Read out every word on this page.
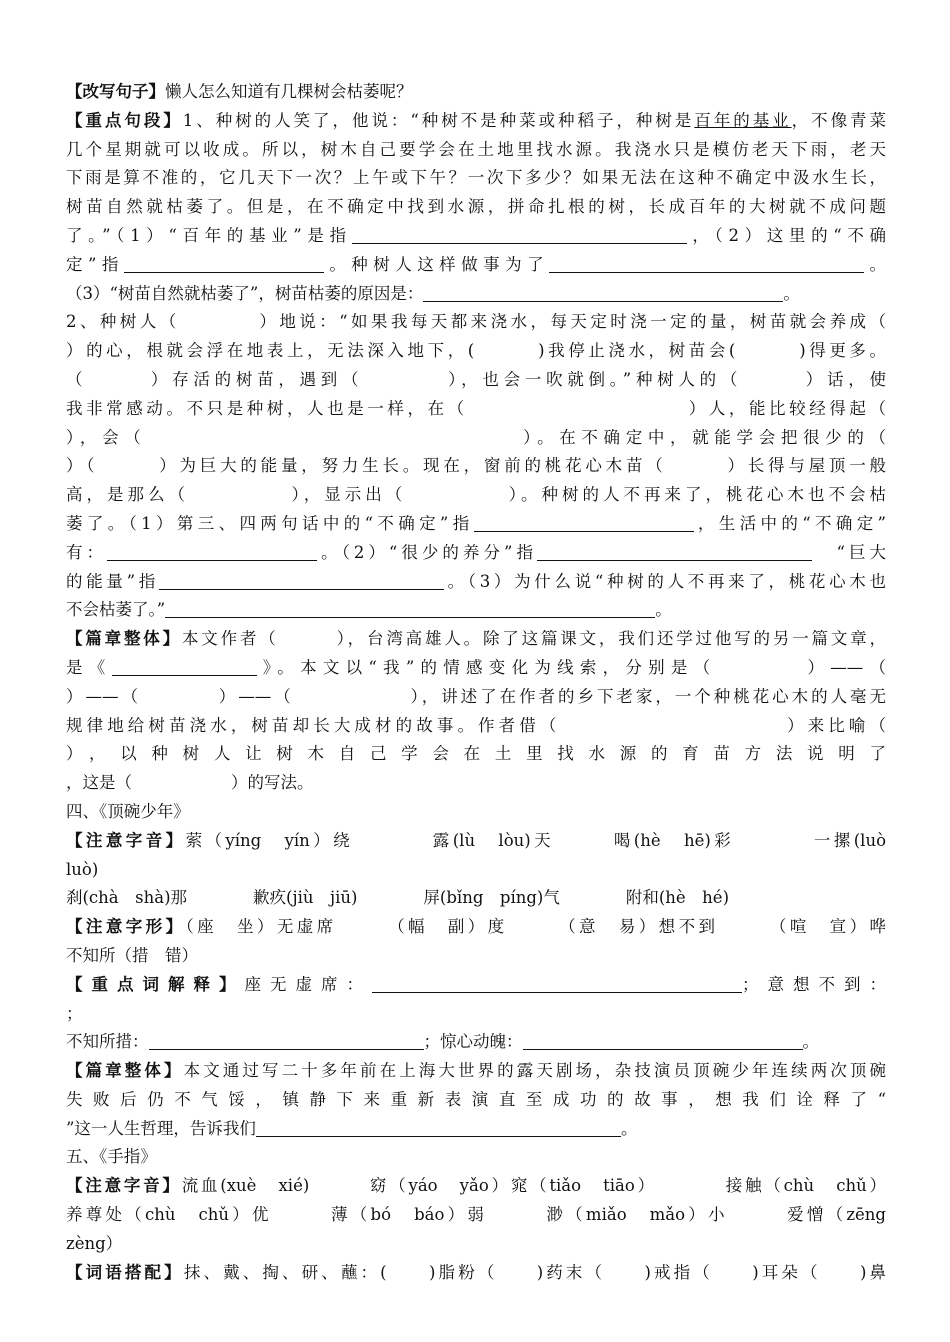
【改写句子】懒人怎么知道有几棵树会枯萎呢？
【重点句段】1、种树的人笑了，他说：“种树不是种菜或种稻子，种树是百年的基业，不像青菜
几个星期就可以收成。所以，树木自己要学会在土地里找水源。我浇水只是模仿老天下雨，老天
下雨是算不准的，它几天下一次？上午或下午？一次下多少？如果无法在这种不确定中汲水生长，
树苗自然就枯萎了。但是，在不确定中找到水源，拼命扎根的树，长成百年的大树就不成问题
了。”（1）“百年的基业”是指	，（2）这里的“不确
定”指	。种树人这样做事为了	。
（3）“树苗自然就枯萎了”，树苗枯萎的原因是：	。
2、种树人（　　　　）地说：“如果我每天都来浇水，每天定时浇一定的量，树苗就会养成（
）的心，根就会浮在地表上，无法深入地下，(　　　)我停止浇水，树苗会(　　　)得更多。
（　　　）存活的树苗，遇到（　　　　），也会一吹就倒。”种树人的（　　　）话，使
我非常感动。不只是种树，人也是一样，在（　　　　　　　　　　　）人，能比较经得起（
），会（　　　　　　　　　　　　　　　　　）。在不确定中，就能学会把很少的（
）（　　　）为巨大的能量，努力生长。现在，窗前的桃花心木苗（　　　）长得与屋顶一般
高，是那么（　　　　　），显示出（　　　　　）。种树的人不再来了，桃花心木也不会枯
萎了。（1）第三、四两句话中的“不确定”指	，生活中的“不确定”
有：	。（2）“很少的养分”指	　“巨大
的能量”指	。（3）为什么说“种树的人不再来了，桃花心木也
不会枯萎了。”	。
【篇章整体】本文作者（　　　），台湾高雄人。除了这篇课文，我们还学过他写的另一篇文章，
是《	》。本文以“我”的情感变化为线索，分别是（　　　　）——（
）——（　　　　）——（　　　　　　），讲述了在作者的乡下老家，一个种桃花心木的人毫无
规律地给树苗浇水，树苗却长大成材的故事。作者借（　　　　　　　　　　　）来比喻（
），以种树人让树木自己学会在土里找水源的育苗方法说明了
，这是（　　　　　　）的写法。
四、《顶碗少年》
【注意字音】萦（yíng　yín）绕　　　　露(lù　lòu)天　　　喝(hè　hē)彩　　　　一摞(luò
luò)
刹(chà　shà)那　　　　歉疚(jiù　jiū)　　　　屏(bǐng　píng)气　　　　附和(hè　hé)
【注意字形】（座　坐）无虚席　　　（幅　副）度　　　（意　易）想不到　　　（喧　宣）哗
不知所（措　错）
【重点词解释】座无虚席：	；意想不到：
；
不知所措：	；惊心动魄：	。
【篇章整体】本文通过写二十多年前在上海大世界的露天剧场，杂技演员顶碗少年连续两次顶碗
失败后仍不气馁，镇静下来重新表演直至成功的故事，想我们诠释了“
”这一人生哲理，告诉我们	。
五、《手指》
【注意字音】流血(xuè　xié)　　　窈（yáo　yǎo）窕（tiǎo　tiāo）　　　　接触（chù　chǔ）
养尊处（chù　chǔ）优　　　薄（bó　báo）弱　　　渺（miǎo　mǎo）小　　　爱憎（zēng
zèng）
【词语搭配】抹、戴、掏、研、蘸：(　　)脂粉（　　)药末（　　)戒指（　　)耳朵（　　)鼻
